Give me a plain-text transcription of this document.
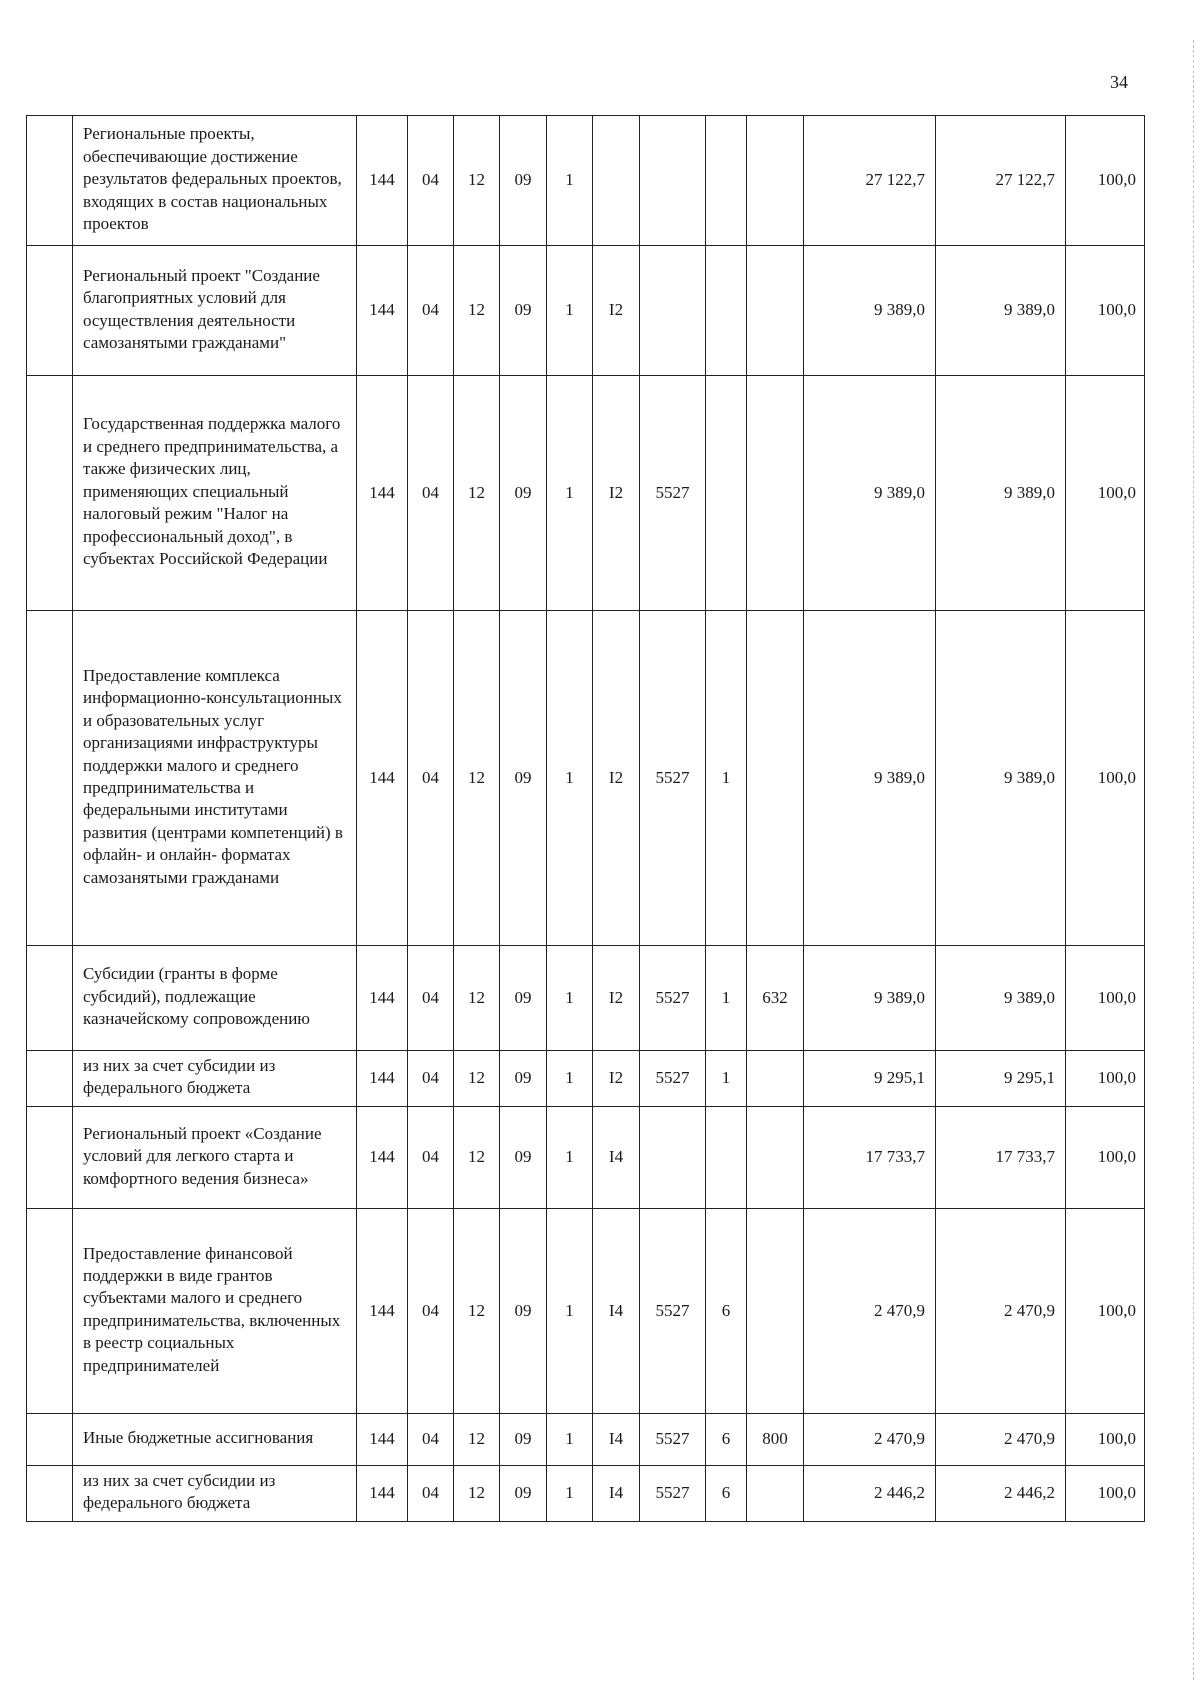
34
	Региональные проекты, обеспечивающие достижение результатов федеральных проектов, входящих в состав национальных проектов	144	04	12	09	1					27 122,7	27 122,7	100,0
	Региональный проект "Создание благоприятных условий для осуществления деятельности самозанятыми гражданами"	144	04	12	09	1	I2				9 389,0	9 389,0	100,0
	Государственная поддержка малого и среднего предпринимательства, а также физических лиц, применяющих специальный налоговый режим "Налог на профессиональный доход", в субъектах Российской Федерации	144	04	12	09	1	I2	5527			9 389,0	9 389,0	100,0
	Предоставление комплекса информационно-консультационных и образовательных услуг организациями инфраструктуры поддержки малого и среднего предпринимательства и федеральными институтами развития (центрами компетенций) в офлайн- и онлайн- форматах самозанятыми гражданами	144	04	12	09	1	I2	5527	1		9 389,0	9 389,0	100,0
	Субсидии (гранты в форме субсидий), подлежащие казначейскому сопровождению	144	04	12	09	1	I2	5527	1	632	9 389,0	9 389,0	100,0
	из них за счет субсидии из федерального бюджета	144	04	12	09	1	I2	5527	1		9 295,1	9 295,1	100,0
	Региональный проект «Создание условий для легкого старта и комфортного ведения бизнеса»	144	04	12	09	1	I4				17 733,7	17 733,7	100,0
	Предоставление финансовой поддержки в виде грантов субъектами малого и среднего предпринимательства, включенных в реестр социальных предпринимателей	144	04	12	09	1	I4	5527	6		2 470,9	2 470,9	100,0
	Иные бюджетные ассигнования	144	04	12	09	1	I4	5527	6	800	2 470,9	2 470,9	100,0
	из них за счет субсидии из федерального бюджета	144	04	12	09	1	I4	5527	6		2 446,2	2 446,2	100,0
